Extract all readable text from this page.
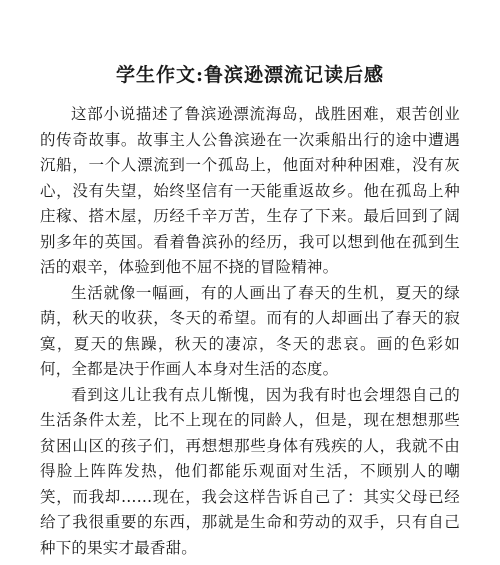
学生作文:鲁滨逊漂流记读后感

这部小说描述了鲁滨逊漂流海岛，战胜困难，艰苦创业的传奇故事。故事主人公鲁滨逊在一次乘船出行的途中遭遇沉船，一个人漂流到一个孤岛上，他面对种种困难，没有灰心，没有失望，始终坚信有一天能重返故乡。他在孤岛上种庄稼、搭木屋，历经千辛万苦，生存了下来。最后回到了阔别多年的英国。看着鲁滨孙的经历，我可以想到他在孤到生活的艰辛，体验到他不屈不挠的冒险精神。

生活就像一幅画，有的人画出了春天的生机，夏天的绿荫，秋天的收获，冬天的希望。而有的人却画出了春天的寂寞，夏天的焦躁，秋天的凄凉，冬天的悲哀。画的色彩如何，全都是决于作画人本身对生活的态度。

看到这儿让我有点儿惭愧，因为我有时也会埋怨自己的生活条件太差，比不上现在的同龄人，但是，现在想想那些贫困山区的孩子们，再想想那些身体有残疾的人，我就不由得脸上阵阵发热，他们都能乐观面对生活，不顾别人的嘲笑，而我却……现在，我会这样告诉自己了：其实父母已经给了我很重要的东西，那就是生命和劳动的双手，只有自己种下的果实才最香甜。
